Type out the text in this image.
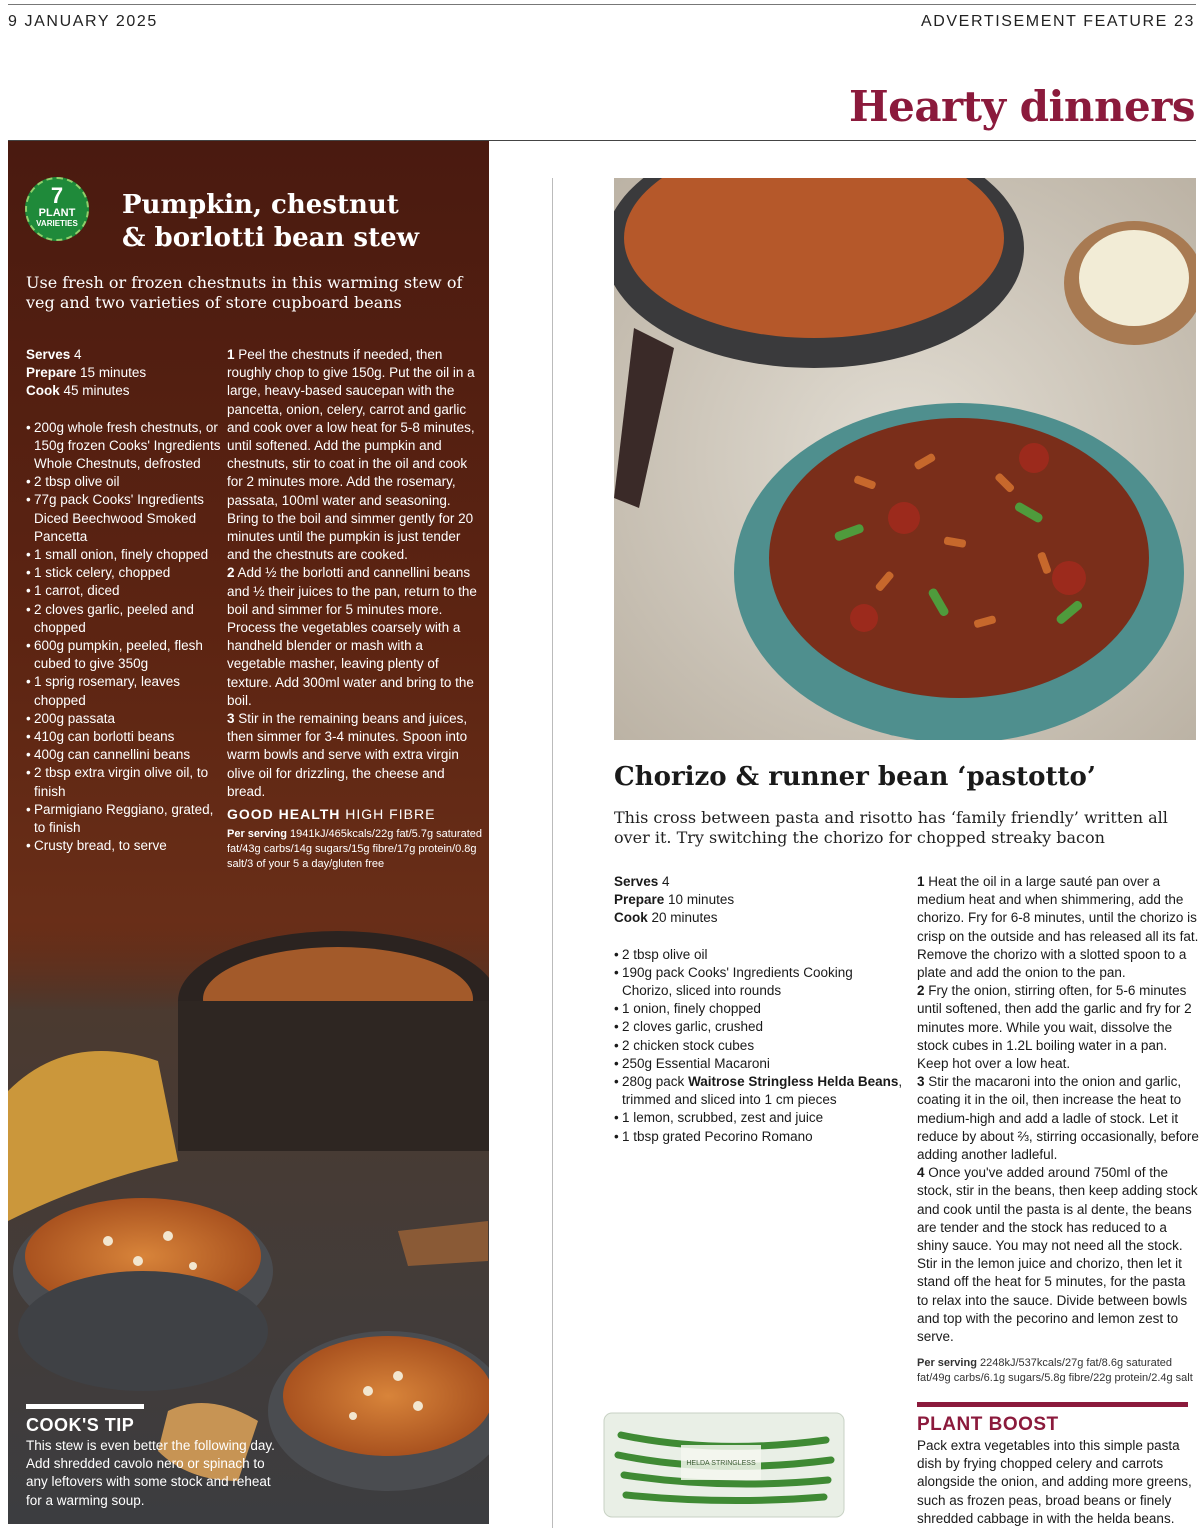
9 JANUARY 2025	ADVERTISEMENT FEATURE 23
Hearty dinners
7
PLANT
VARIETIES
Pumpkin, chestnut
& borlotti bean stew
Use fresh or frozen chestnuts in this warming stew of veg and two varieties of store cupboard beans
Serves 4
Prepare 15 minutes
Cook 45 minutes
• 200g whole fresh chestnuts, or 150g frozen Cooks' Ingredients Whole Chestnuts, defrosted
• 2 tbsp olive oil
• 77g pack Cooks' Ingredients Diced Beechwood Smoked Pancetta
• 1 small onion, finely chopped
• 1 stick celery, chopped
• 1 carrot, diced
• 2 cloves garlic, peeled and chopped
• 600g pumpkin, peeled, flesh cubed to give 350g
• 1 sprig rosemary, leaves chopped
• 200g passata
• 410g can borlotti beans
• 400g can cannellini beans
• 2 tbsp extra virgin olive oil, to finish
• Parmigiano Reggiano, grated, to finish
• Crusty bread, to serve

1 Peel the chestnuts if needed, then roughly chop to give 150g. Put the oil in a large, heavy-based saucepan with the pancetta, onion, celery, carrot and garlic and cook over a low heat for 5-8 minutes, until softened. Add the pumpkin and chestnuts, stir to coat in the oil and cook for 2 minutes more. Add the rosemary, passata, 100ml water and seasoning. Bring to the boil and simmer gently for 20 minutes until the pumpkin is just tender and the chestnuts are cooked.

2 Add ½ the borlotti and cannellini beans and ½ their juices to the pan, return to the boil and simmer for 5 minutes more. Process the vegetables coarsely with a handheld blender or mash with a vegetable masher, leaving plenty of texture. Add 300ml water and bring to the boil.

3 Stir in the remaining beans and juices, then simmer for 3-4 minutes. Spoon into warm bowls and serve with extra virgin olive oil for drizzling, the cheese and bread.

GOOD HEALTH HIGH FIBRE
Per serving 1941kJ/465kcals/22g fat/5.7g saturated fat/43g carbs/14g sugars/15g fibre/17g protein/0.8g salt/3 of your 5 a day/gluten free
COOK'S TIP
This stew is even better the following day. Add shredded cavolo nero or spinach to any leftovers with some stock and reheat for a warming soup.
Chorizo & runner bean ‘pastotto’
This cross between pasta and risotto has ‘family friendly’ written all over it. Try switching the chorizo for chopped streaky bacon
Serves 4
Prepare 10 minutes
Cook 20 minutes
• 2 tbsp olive oil
• 190g pack Cooks' Ingredients Cooking Chorizo, sliced into rounds
• 1 onion, finely chopped
• 2 cloves garlic, crushed
• 2 chicken stock cubes
• 250g Essential Macaroni
• 280g pack Waitrose Stringless Helda Beans, trimmed and sliced into 1 cm pieces
• 1 lemon, scrubbed, zest and juice
• 1 tbsp grated Pecorino Romano

1 Heat the oil in a large sauté pan over a medium heat and when shimmering, add the chorizo. Fry for 6-8 minutes, until the chorizo is crisp on the outside and has released all its fat. Remove the chorizo with a slotted spoon to a plate and add the onion to the pan.

2 Fry the onion, stirring often, for 5-6 minutes until softened, then add the garlic and fry for 2 minutes more. While you wait, dissolve the stock cubes in 1.2L boiling water in a pan. Keep hot over a low heat.

3 Stir the macaroni into the onion and garlic, coating it in the oil, then increase the heat to medium-high and add a ladle of stock. Let it reduce by about ⅔, stirring occasionally, before adding another ladleful.

4 Once you've added around 750ml of the stock, stir in the beans, then keep adding stock and cook until the pasta is al dente, the beans are tender and the stock has reduced to a shiny sauce. You may not need all the stock. Stir in the lemon juice and chorizo, then let it stand off the heat for 5 minutes, for the pasta to relax into the sauce. Divide between bowls and top with the pecorino and lemon zest to serve.

Per serving 2248kJ/537kcals/27g fat/8.6g saturated fat/49g carbs/6.1g sugars/5.8g fibre/22g protein/2.4g salt
HELDA STRINGLESS
PLANT BOOST
Pack extra vegetables into this simple pasta dish by frying chopped celery and carrots alongside the onion, and adding more greens, such as frozen peas, broad beans or finely shredded cabbage in with the helda beans.
